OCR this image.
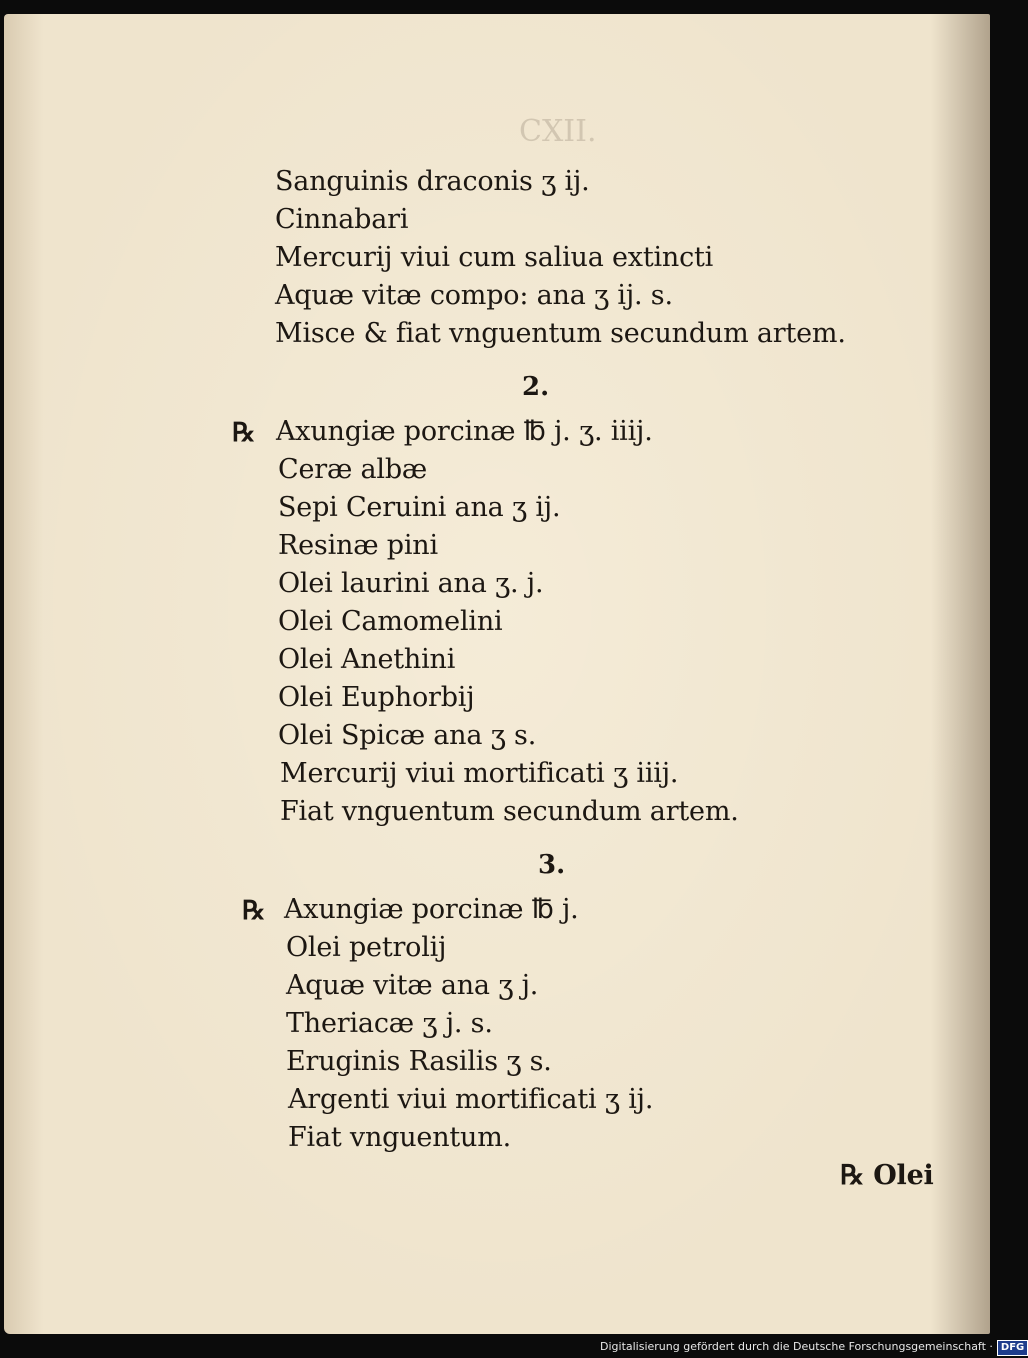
CXII.
Sanguinis draconis ʒ ij.
Cinnabari
Mercurij viui cum saliua extincti
Aquæ vitæ compo: ana ʒ ij. s.
Misce & fiat vnguentum secundum artem.
2.
℞ Axungiæ porcinæ ℔ j. ʒ. iiij.
Ceræ albæ
Sepi Ceruini ana ʒ ij.
Resinæ pini
Olei laurini ana ʒ. j.
Olei Camomelini
Olei Anethini
Olei Euphorbij
Olei Spicæ ana ʒ s.
Mercurij viui mortificati ʒ iiij.
Fiat vnguentum secundum artem.
3.
℞ Axungiæ porcinæ ℔ j.
Olei petrolij
Aquæ vitæ ana ʒ j.
Theriacæ ʒ j. s.
Eruginis Rasilis ʒ s.
Argenti viui mortificati ʒ ij.
Fiat vnguentum.
℞ Olei
Digitalisierung gefördert durch die Deutsche Forschungsgemeinschaft · DFG
